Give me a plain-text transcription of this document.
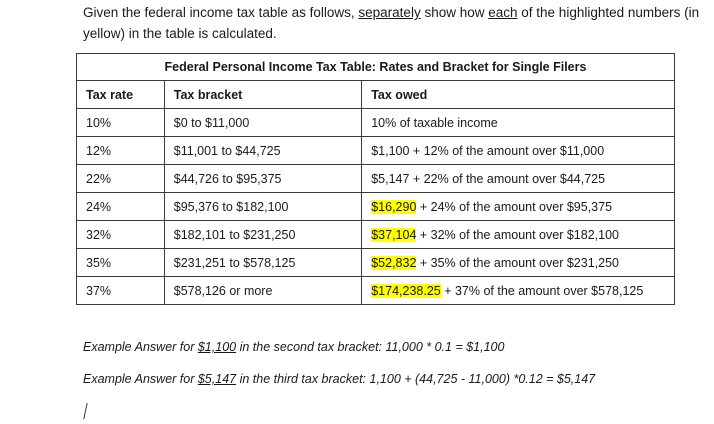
Given the federal income tax table as follows, separately show how each of the highlighted numbers (in yellow) in the table is calculated.
Federal Personal Income Tax Table: Rates and Bracket for Single Filers		
Tax rate	Tax bracket	Tax owed
10%	$0 to $11,000	10% of taxable income
12%	$11,001 to $44,725	$1,100 + 12% of the amount over $11,000
22%	$44,726 to $95,375	$5,147 + 22% of the amount over $44,725
24%	$95,376 to $182,100	$16,290 + 24% of the amount over $95,375
32%	$182,101 to $231,250	$37,104 + 32% of the amount over $182,100
35%	$231,251 to $578,125	$52,832 + 35% of the amount over $231,250
37%	$578,126 or more	$174,238.25 + 37% of the amount over $578,125
Example Answer for $1,100 in the second tax bracket: 11,000 * 0.1 = $1,100
Example Answer for $5,147 in the third tax bracket: 1,100 + (44,725 - 11,000) *0.12 = $5,147
